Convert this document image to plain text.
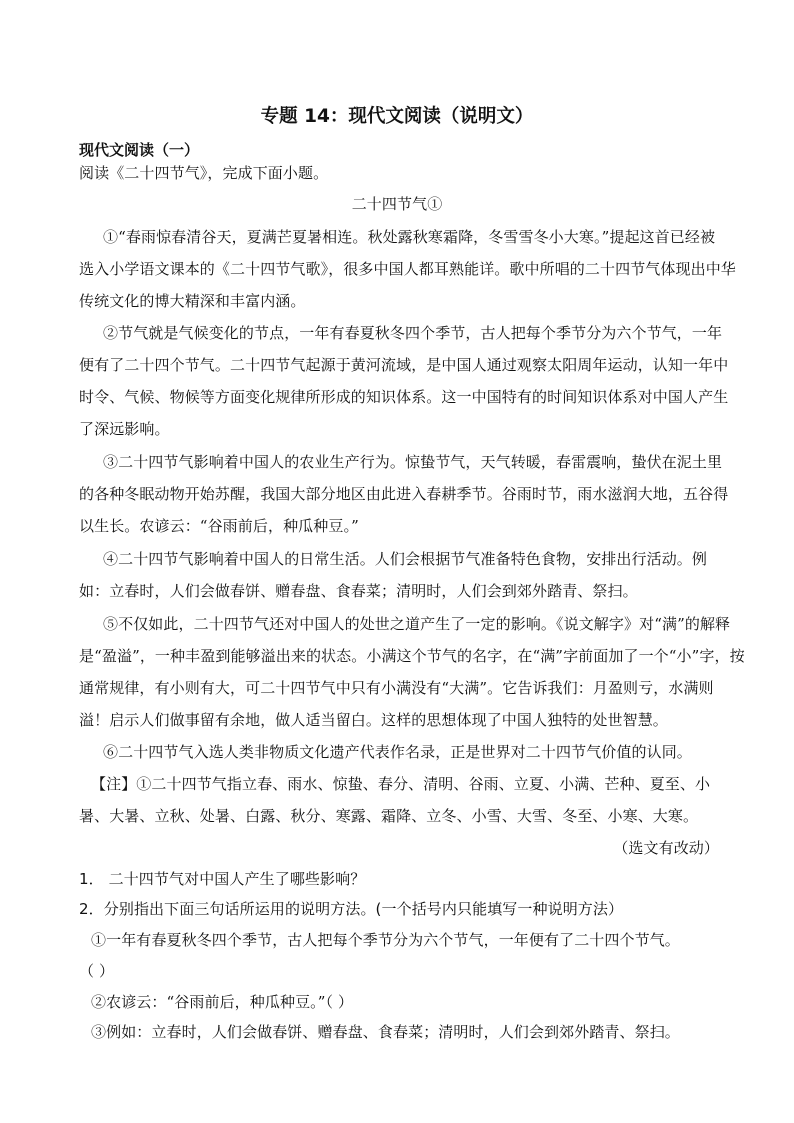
专题 14：现代文阅读（说明文）
现代文阅读（一）
阅读《二十四节气》，完成下面小题。
二十四节气①
①“春雨惊春清谷天，夏满芒夏暑相连。秋处露秋寒霜降，冬雪雪冬小大寒。”提起这首已经被
选入小学语文课本的《二十四节气歌》，很多中国人都耳熟能详。歌中所唱的二十四节气体现出中华
传统文化的博大精深和丰富内涵。
②节气就是气候变化的节点，一年有春夏秋冬四个季节，古人把每个季节分为六个节气，一年
便有了二十四个节气。二十四节气起源于黄河流域，是中国人通过观察太阳周年运动，认知一年中
时令、气候、物候等方面变化规律所形成的知识体系。这一中国特有的时间知识体系对中国人产生
了深远影响。
③二十四节气影响着中国人的农业生产行为。惊蛰节气，天气转暖，春雷震响，蛰伏在泥土里
的各种冬眠动物开始苏醒，我国大部分地区由此进入春耕季节。谷雨时节，雨水滋润大地，五谷得
以生长。农谚云：“谷雨前后，种瓜种豆。”
④二十四节气影响着中国人的日常生活。人们会根据节气准备特色食物，安排出行活动。例
如：立春时，人们会做春饼、赠春盘、食春菜；清明时，人们会到郊外踏青、祭扫。
⑤不仅如此，二十四节气还对中国人的处世之道产生了一定的影响。《说文解字》对“满”的解释
是“盈溢”，一种丰盈到能够溢出来的状态。小满这个节气的名字，在“满”字前面加了一个“小”字，按
通常规律，有小则有大，可二十四节气中只有小满没有“大满”。它告诉我们：月盈则亏，水满则
溢！启示人们做事留有余地，做人适当留白。这样的思想体现了中国人独特的处世智慧。
⑥二十四节气入选人类非物质文化遗产代表作名录，正是世界对二十四节气价值的认同。
【注】①二十四节气指立春、雨水、惊蛰、春分、清明、谷雨、立夏、小满、芒种、夏至、小
暑、大暑、立秋、处暑、白露、秋分、寒露、霜降、立冬、小雪、大雪、冬至、小寒、大寒。
（选文有改动）
1． 二十四节气对中国人产生了哪些影响？
2．分别指出下面三句话所运用的说明方法。(一个括号内只能填写一种说明方法）
①一年有春夏秋冬四个季节，古人把每个季节分为六个节气，一年便有了二十四个节气。
（ ）
②农谚云：“谷雨前后，种瓜种豆。”（ ）
③例如：立春时，人们会做春饼、赠春盘、食春菜；清明时，人们会到郊外踏青、祭扫。
